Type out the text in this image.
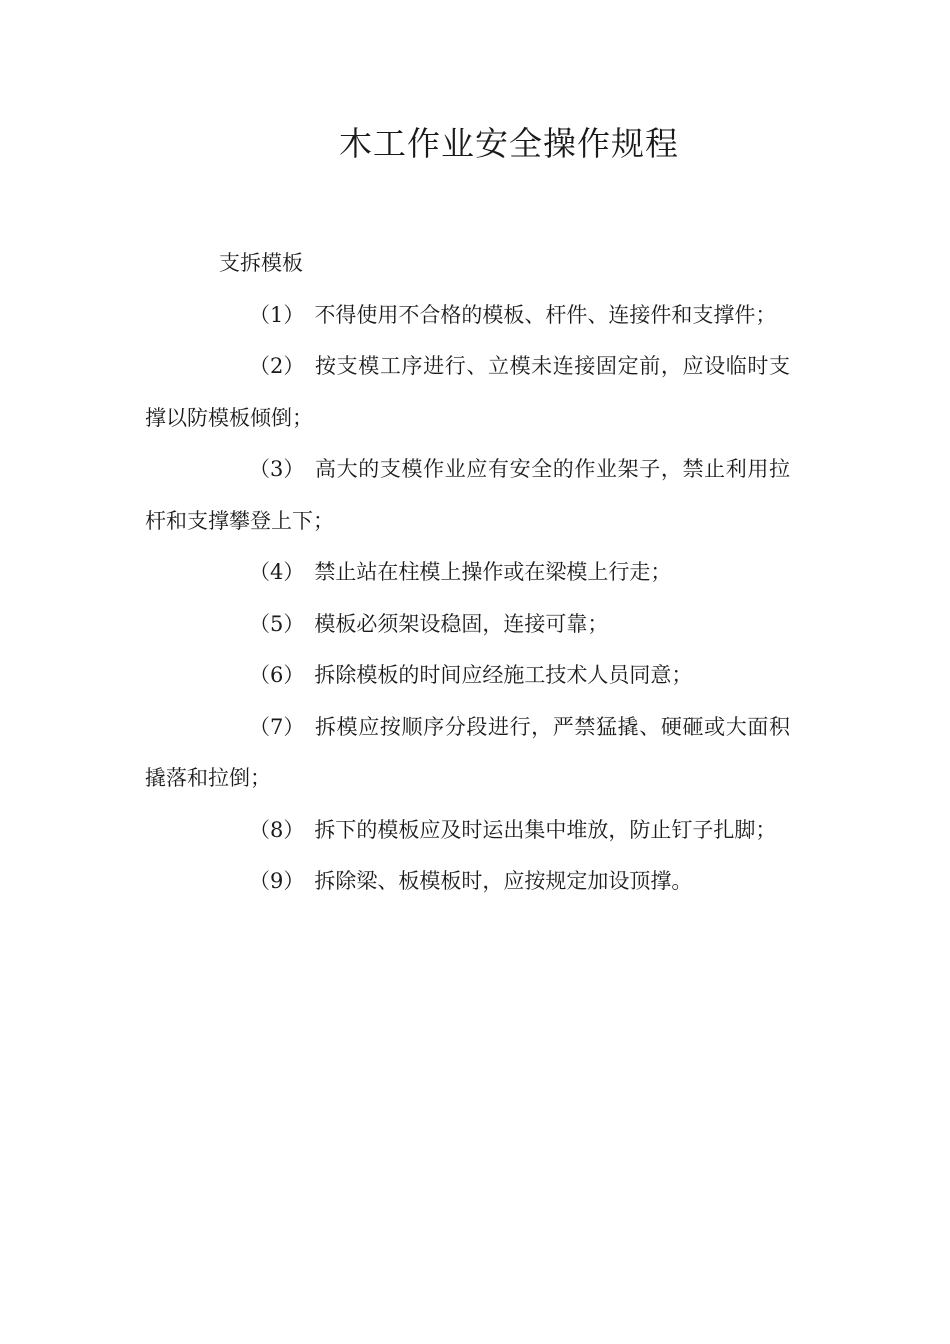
木工作业安全操作规程

支拆模板

（1） 不得使用不合格的模板、杆件、连接件和支撑件；

（2） 按支模工序进行、立模未连接固定前，应设临时支撑以防模板倾倒；

（3） 高大的支模作业应有安全的作业架子，禁止利用拉杆和支撑攀登上下；

（4） 禁止站在柱模上操作或在梁模上行走；

（5） 模板必须架设稳固，连接可靠；

（6） 拆除模板的时间应经施工技术人员同意；

（7） 拆模应按顺序分段进行，严禁猛撬、硬砸或大面积撬落和拉倒；

（8） 拆下的模板应及时运出集中堆放，防止钉子扎脚；

（9） 拆除梁、板模板时，应按规定加设顶撑。
